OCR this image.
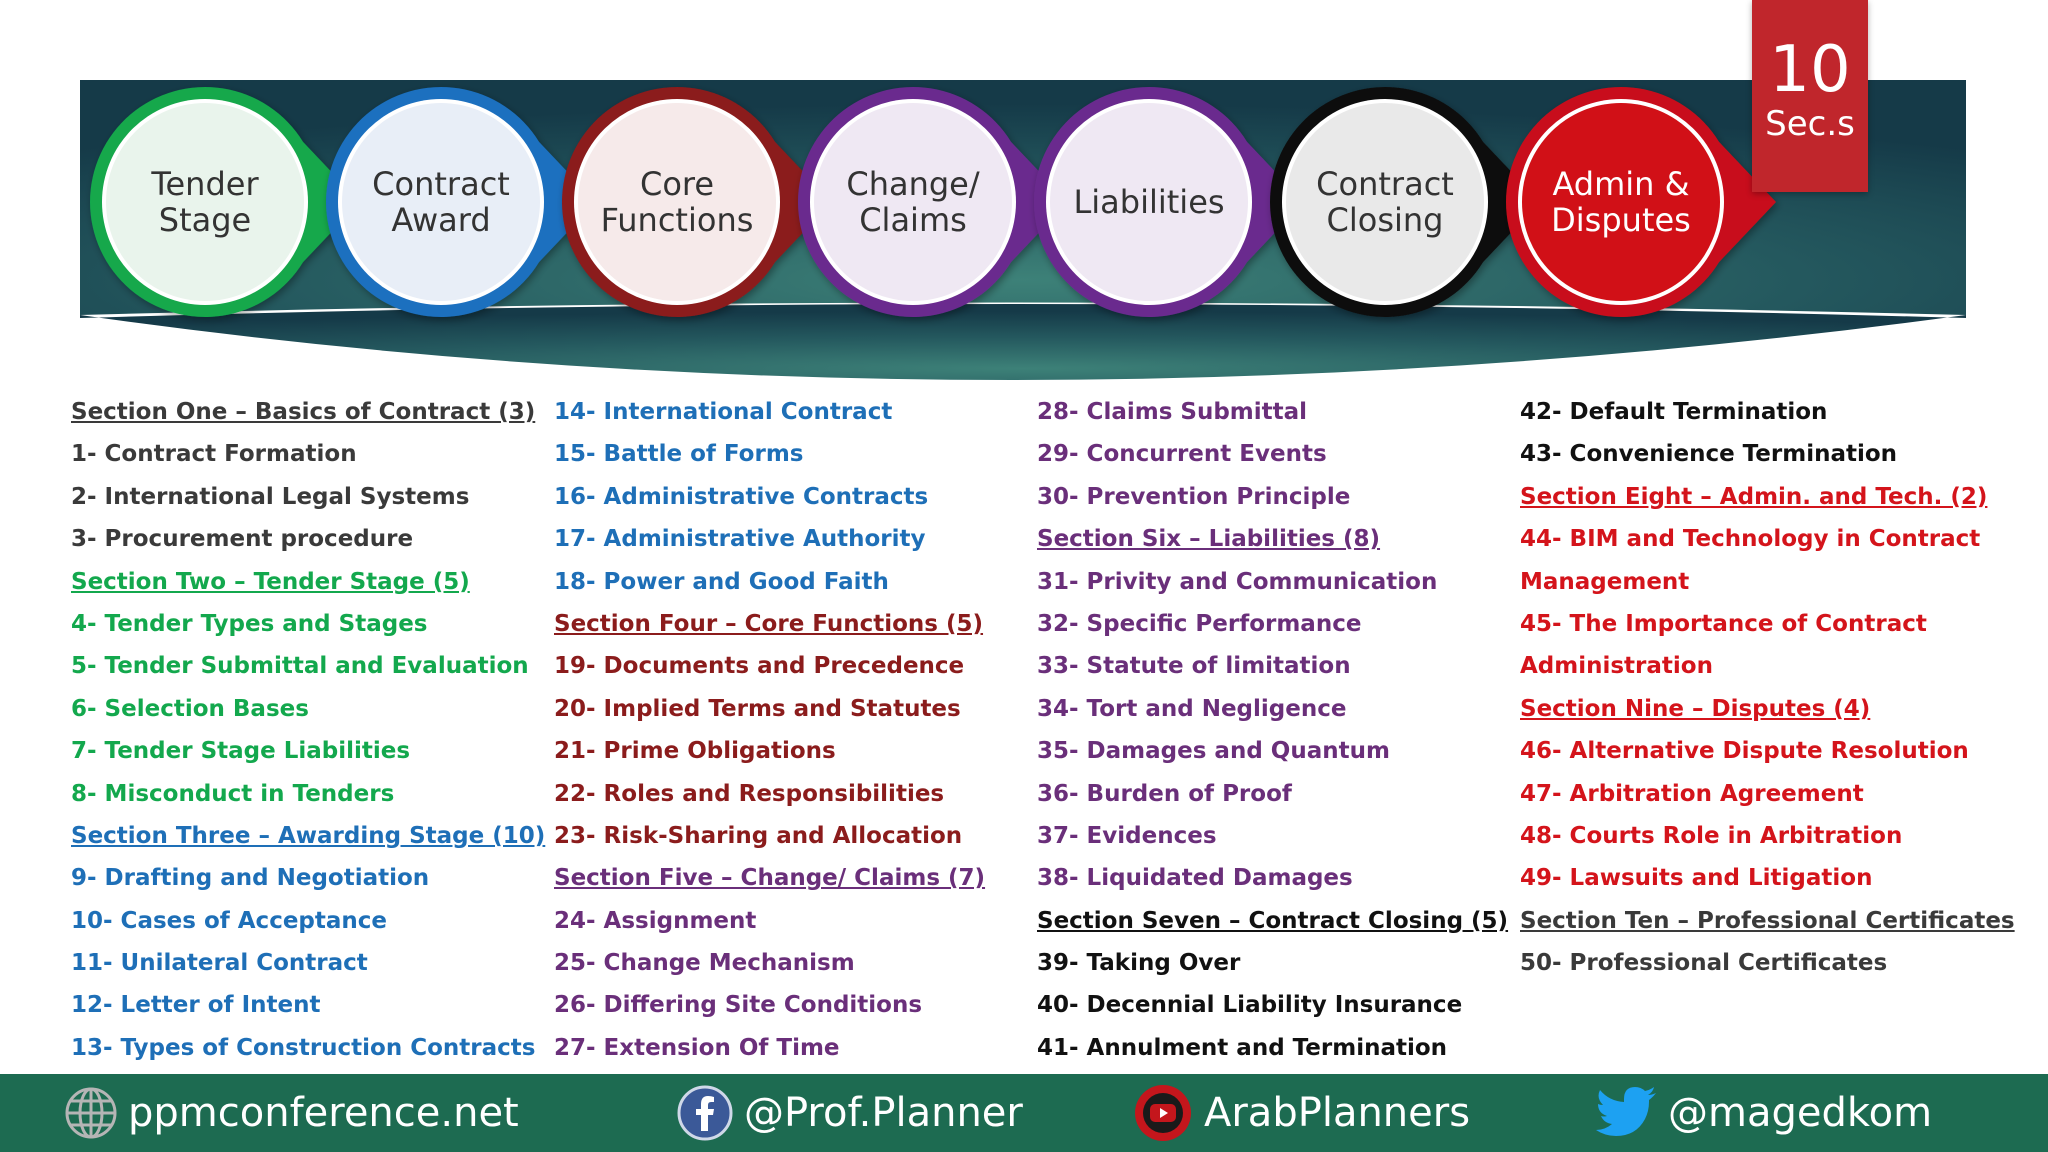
Tender
Stage
Contract
Award
Core
Functions
Change/
Claims	Liabilities	Contract
Closing
Admin &
Disputes
10
Sec.s

Section One – Basics of Contract (3)

1- Contract Formation

2- International Legal Systems

3- Procurement procedure

Section Two – Tender Stage (5)

4- Tender Types and Stages

5- Tender Submittal and Evaluation

6- Selection Bases

7- Tender Stage Liabilities

8- Misconduct in Tenders

Section Three – Awarding Stage (10)

9- Drafting and Negotiation

10- Cases of Acceptance

11- Unilateral Contract

12- Letter of Intent

13- Types of Construction Contracts

14- International Contract

15- Battle of Forms

16- Administrative Contracts

17- Administrative Authority

18- Power and Good Faith

Section Four – Core Functions (5)

19- Documents and Precedence

20- Implied Terms and Statutes

21- Prime Obligations

22- Roles and Responsibilities

23- Risk-Sharing and Allocation

Section Five – Change/ Claims (7)

24- Assignment

25- Change Mechanism

26- Differing Site Conditions

27- Extension Of Time

28- Claims Submittal

29- Concurrent Events

30- Prevention Principle

Section Six – Liabilities (8)

31- Privity and Communication

32- Specific Performance

33- Statute of limitation

34- Tort and Negligence

35- Damages and Quantum

36- Burden of Proof

37- Evidences

38- Liquidated Damages

Section Seven – Contract Closing (5)

39- Taking Over

40- Decennial Liability Insurance

41- Annulment and Termination

42- Default Termination

43- Convenience Termination

Section Eight – Admin. and Tech. (2)

44- BIM and Technology in Contract

Management

45- The Importance of Contract

Administration

Section Nine – Disputes (4)

46- Alternative Dispute Resolution

47- Arbitration Agreement

48- Courts Role in Arbitration

49- Lawsuits and Litigation

Section Ten – Professional Certificates

50- Professional Certificates

ppmconference.net	@Prof.Planner	ArabPlanners	@magedkom
